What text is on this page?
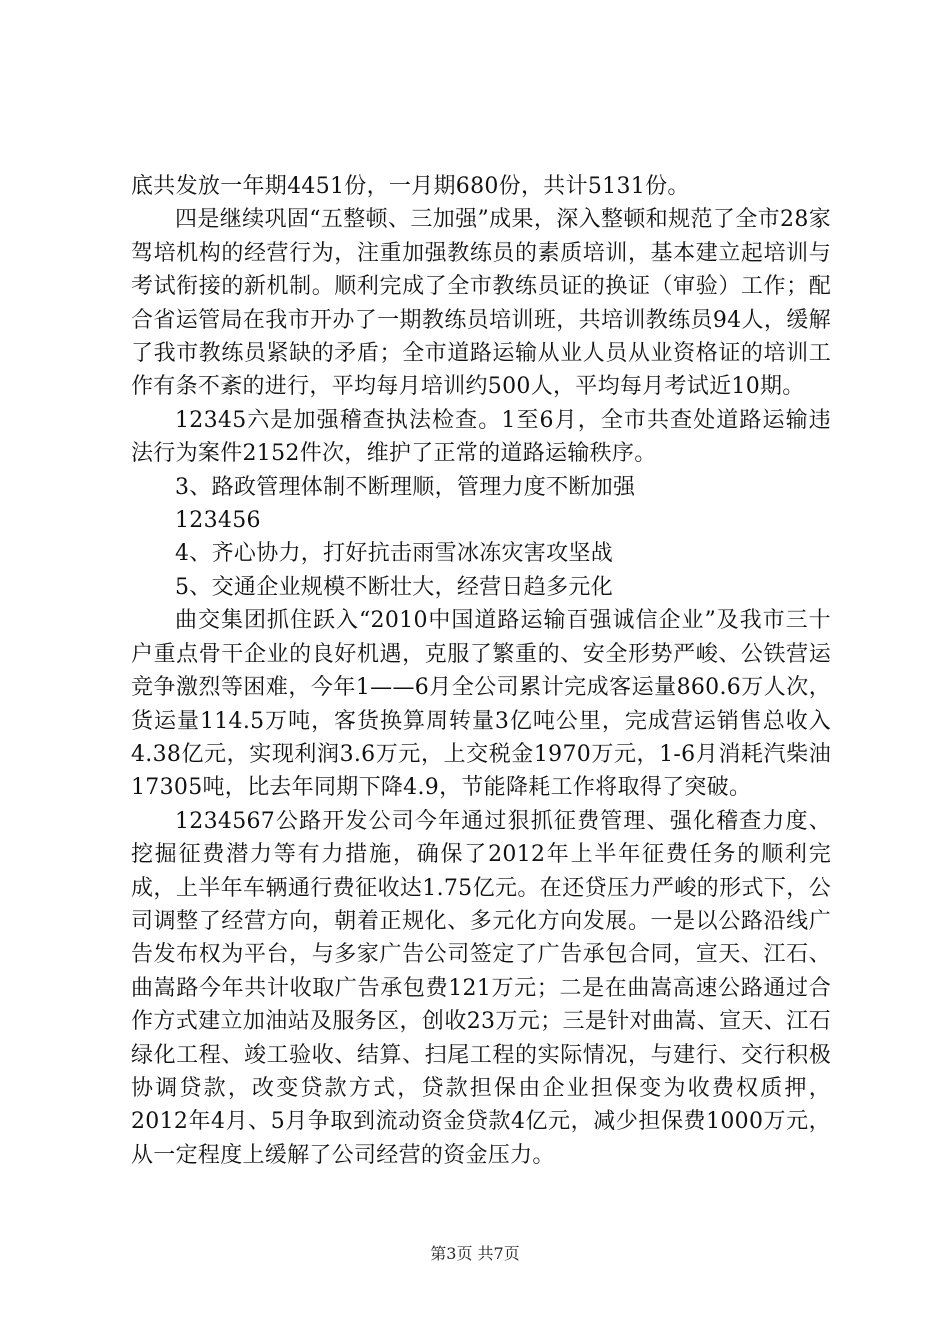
底共发放一年期4451份，一月期680份，共计5131份。

四是继续巩固“五整顿、三加强”成果，深入整顿和规范了全市28家驾培机构的经营行为，注重加强教练员的素质培训，基本建立起培训与考试衔接的新机制。顺利完成了全市教练员证的换证（审验）工作；配合省运管局在我市开办了一期教练员培训班，共培训教练员94人，缓解了我市教练员紧缺的矛盾；全市道路运输从业人员从业资格证的培训工作有条不紊的进行，平均每月培训约500人，平均每月考试近10期。

12345六是加强稽查执法检查。1至6月，全市共查处道路运输违法行为案件2152件次，维护了正常的道路运输秩序。

3、路政管理体制不断理顺，管理力度不断加强

123456

4、齐心协力，打好抗击雨雪冰冻灾害攻坚战

5、交通企业规模不断壮大，经营日趋多元化

曲交集团抓住跃入“2010中国道路运输百强诚信企业”及我市三十户重点骨干企业的良好机遇，克服了繁重的、安全形势严峻、公铁营运竞争激烈等困难，今年1——6月全公司累计完成客运量860.6万人次，货运量114.5万吨，客货换算周转量3亿吨公里，完成营运销售总收入4.38亿元，实现利润3.6万元，上交税金1970万元，1-6月消耗汽柴油17305吨，比去年同期下降4.9，节能降耗工作将取得了突破。

1234567公路开发公司今年通过狠抓征费管理、强化稽查力度、挖掘征费潜力等有力措施，确保了2012年上半年征费任务的顺利完成，上半年车辆通行费征收达1.75亿元。在还贷压力严峻的形式下，公司调整了经营方向，朝着正规化、多元化方向发展。一是以公路沿线广告发布权为平台，与多家广告公司签定了广告承包合同，宣天、江石、曲嵩路今年共计收取广告承包费121万元；二是在曲嵩高速公路通过合作方式建立加油站及服务区，创收23万元；三是针对曲嵩、宣天、江石绿化工程、竣工验收、结算、扫尾工程的实际情况，与建行、交行积极协调贷款，改变贷款方式，贷款担保由企业担保变为收费权质押，2012年4月、5月争取到流动资金贷款4亿元，减少担保费1000万元，从一定程度上缓解了公司经营的资金压力。

第3页 共7页
